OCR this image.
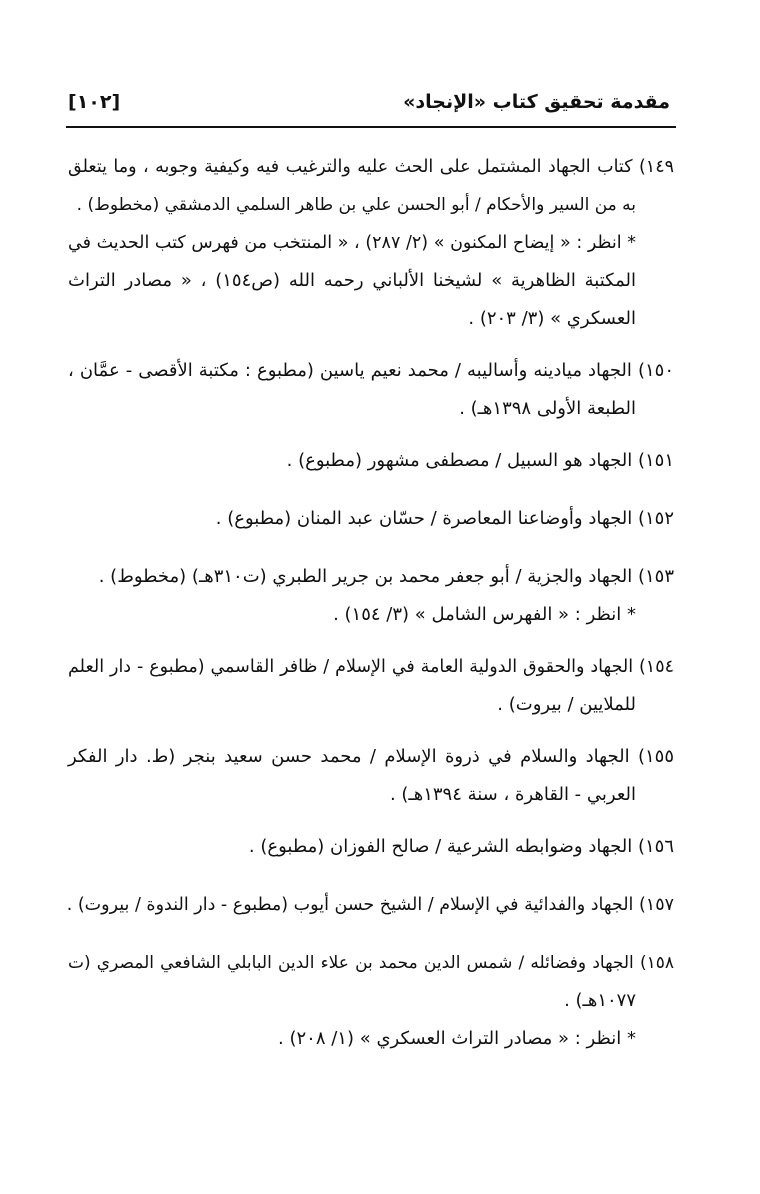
[١٠٢]	مقدمة تحقيق كتاب «الإنجاد»
١٤٩) كتاب الجهاد المشتمل على الحث عليه والترغيب فيه وكيفية وجوبه ، وما يتعلق
به من السير والأحكام / أبو الحسن علي بن طاهر السلمي الدمشقي (مخطوط) .
* انظر : « إيضاح المكنون » (٢/ ٢٨٧) ، « المنتخب من فهرس كتب الحديث في
المكتبة الظاهرية » لشيخنا الألباني رحمه الله (ص١٥٤) ، « مصادر التراث
العسكري » (٣/ ٢٠٣) .
١٥٠) الجهاد ميادينه وأساليبه / محمد نعيم ياسين (مطبوع : مكتبة الأقصى - عمَّان ،
الطبعة الأولى ١٣٩٨هـ) .
١٥١) الجهاد هو السبيل / مصطفى مشهور (مطبوع) .
١٥٢) الجهاد وأوضاعنا المعاصرة / حسّان عبد المنان (مطبوع) .
١٥٣) الجهاد والجزية / أبو جعفر محمد بن جرير الطبري (ت٣١٠هـ) (مخطوط) .
* انظر : « الفهرس الشامل » (٣/ ١٥٤) .
١٥٤) الجهاد والحقوق الدولية العامة في الإسلام / ظافر القاسمي (مطبوع - دار العلم
للملايين / بيروت) .
١٥٥) الجهاد والسلام في ذروة الإسلام / محمد حسن سعيد بنجر (ط. دار الفكر
العربي - القاهرة ، سنة ١٣٩٤هـ) .
١٥٦) الجهاد وضوابطه الشرعية / صالح الفوزان (مطبوع) .
١٥٧) الجهاد والفدائية في الإسلام / الشيخ حسن أيوب (مطبوع - دار الندوة / بيروت) .
١٥٨) الجهاد وفضائله / شمس الدين محمد بن علاء الدين البابلي الشافعي المصري (ت
١٠٧٧هـ) .
* انظر : « مصادر التراث العسكري » (١/ ٢٠٨) .
